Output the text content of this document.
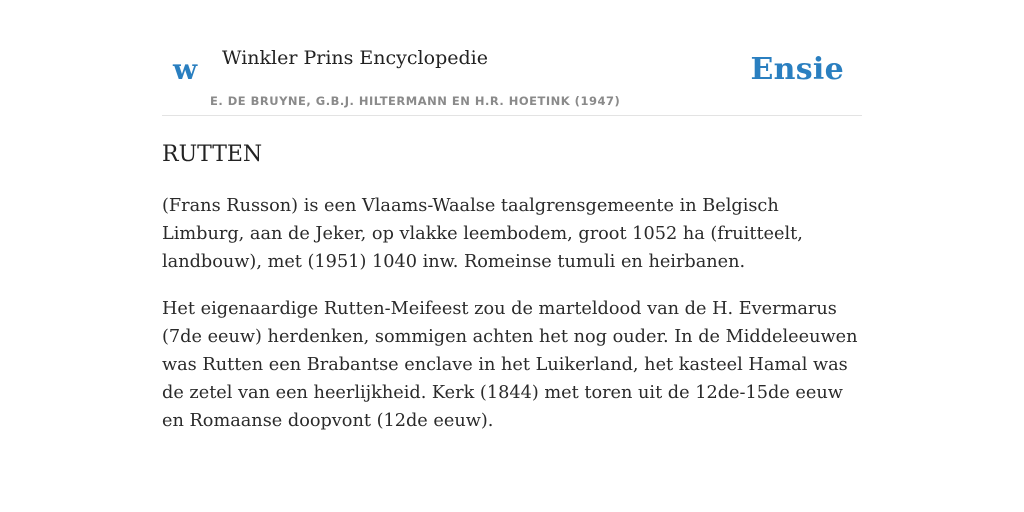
w Winkler Prins Encyclopedie	Ensie
E. DE BRUYNE, G.B.J. HILTERMANN EN H.R. HOETINK (1947)
RUTTEN

(Frans Russon) is een Vlaams-Waalse taalgrensgemeente in Belgisch Limburg, aan de Jeker, op vlakke leembodem, groot 1052 ha (fruitteelt, landbouw), met (1951) 1040 inw. Romeinse tumuli en heirbanen.

Het eigenaardige Rutten-Meifeest zou de marteldood van de H. Evermarus (7de eeuw) herdenken, sommigen achten het nog ouder. In de Middeleeuwen was Rutten een Brabantse enclave in het Luikerland, het kasteel Hamal was de zetel van een heerlijkheid. Kerk (1844) met toren uit de 12de-15de eeuw en Romaanse doopvont (12de eeuw).
